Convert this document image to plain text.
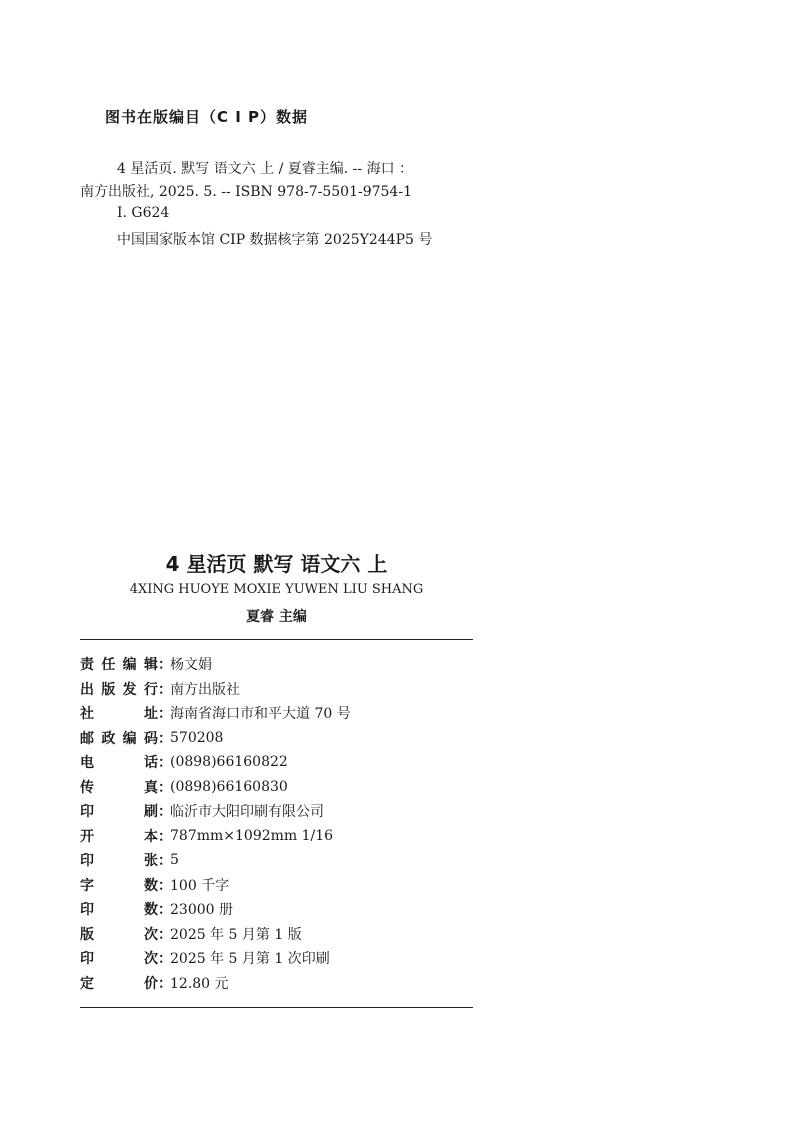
图书在版编目（C I P）数据
4 星活页. 默写 语文六 上 / 夏睿主编. -- 海口 ：
南方出版社, 2025. 5. -- ISBN 978-7-5501-9754-1
Ⅰ. G624
中国国家版本馆 CIP 数据核字第 2025Y244P5 号
4 星活页 默写 语文六 上
4XING HUOYE MOXIE YUWEN LIU SHANG
夏睿 主编
责 任 编 辑 ：
杨文娟
出 版 发 行 ：
南方出版社
社	址 ：
海南省海口市和平大道 70 号
邮 政 编 码 ：
570208
电	话 ：
(0898)66160822
传	真 ：
(0898)66160830
印	刷 ：
临沂市大阳印刷有限公司
开	本 ：
787mm×1092mm 1/16
印	张 ：
5
字	数 ：
100 千字
印	数 ：
23000 册
版	次 ：
2025 年 5 月第 1 版
印	次 ：
2025 年 5 月第 1 次印刷
定	价 ：
12.80 元
